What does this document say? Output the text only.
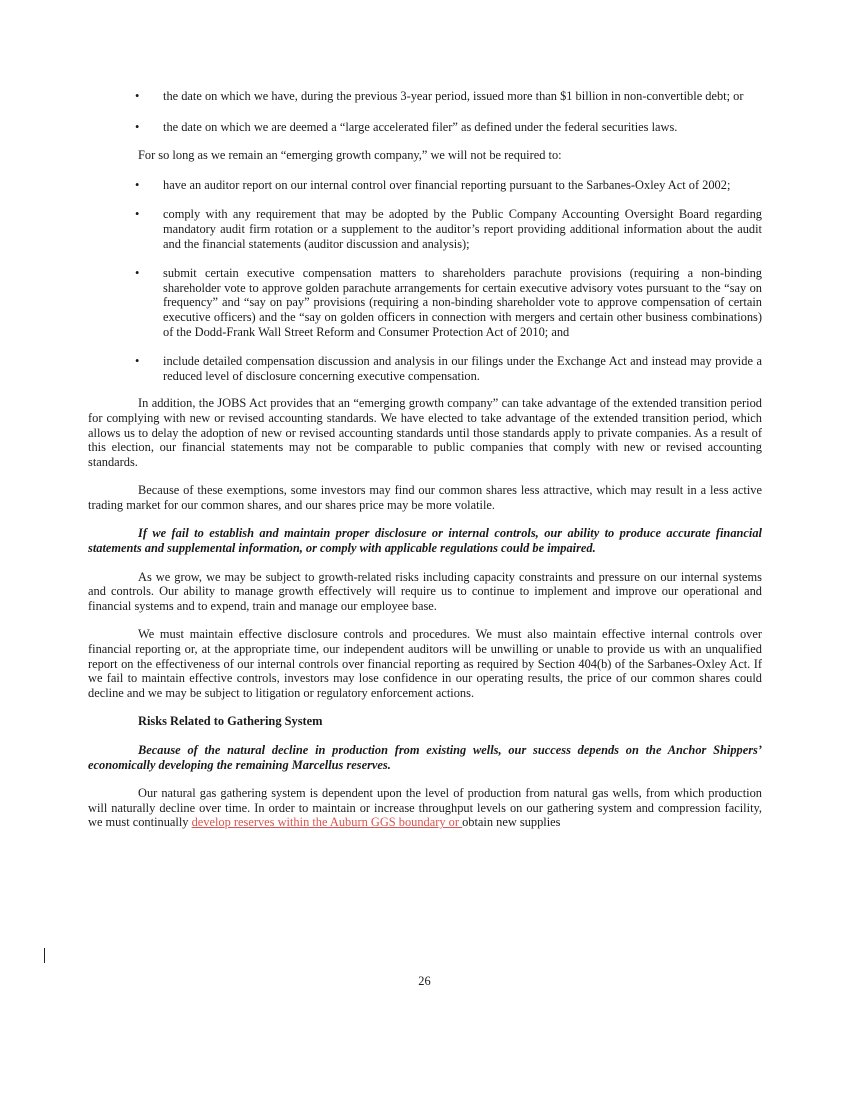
• the date on which we have, during the previous 3-year period, issued more than $1 billion in non-convertible debt; or
• the date on which we are deemed a “large accelerated filer” as defined under the federal securities laws.

For so long as we remain an “emerging growth company,” we will not be required to:

• have an auditor report on our internal control over financial reporting pursuant to the Sarbanes-Oxley Act of 2002;
• comply with any requirement that may be adopted by the Public Company Accounting Oversight Board regarding mandatory audit firm rotation or a supplement to the auditor’s report providing additional information about the audit and the financial statements (auditor discussion and analysis);
• submit certain executive compensation matters to shareholders parachute provisions (requiring a non-binding shareholder vote to approve golden parachute arrangements for certain executive advisory votes pursuant to the “say on frequency” and “say on pay” provisions (requiring a non-binding shareholder vote to approve compensation of certain executive officers) and the “say on golden officers in connection with mergers and certain other business combinations) of the Dodd-Frank Wall Street Reform and Consumer Protection Act of 2010; and
• include detailed compensation discussion and analysis in our filings under the Exchange Act and instead may provide a reduced level of disclosure concerning executive compensation.

In addition, the JOBS Act provides that an “emerging growth company” can take advantage of the extended transition period for complying with new or revised accounting standards. We have elected to take advantage of the extended transition period, which allows us to delay the adoption of new or revised accounting standards until those standards apply to private companies. As a result of this election, our financial statements may not be comparable to public companies that comply with new or revised accounting standards.

Because of these exemptions, some investors may find our common shares less attractive, which may result in a less active trading market for our common shares, and our shares price may be more volatile.

If we fail to establish and maintain proper disclosure or internal controls, our ability to produce accurate financial statements and supplemental information, or comply with applicable regulations could be impaired.

As we grow, we may be subject to growth-related risks including capacity constraints and pressure on our internal systems and controls. Our ability to manage growth effectively will require us to continue to implement and improve our operational and financial systems and to expend, train and manage our employee base.

We must maintain effective disclosure controls and procedures. We must also maintain effective internal controls over financial reporting or, at the appropriate time, our independent auditors will be unwilling or unable to provide us with an unqualified report on the effectiveness of our internal controls over financial reporting as required by Section 404(b) of the Sarbanes-Oxley Act. If we fail to maintain effective controls, investors may lose confidence in our operating results, the price of our common shares could decline and we may be subject to litigation or regulatory enforcement actions.

Risks Related to Gathering System

Because of the natural decline in production from existing wells, our success depends on the Anchor Shippers’ economically developing the remaining Marcellus reserves.

Our natural gas gathering system is dependent upon the level of production from natural gas wells, from which production will naturally decline over time. In order to maintain or increase throughput levels on our gathering system and compression facility, we must continually develop reserves within the Auburn GGS boundary or obtain new supplies

26
